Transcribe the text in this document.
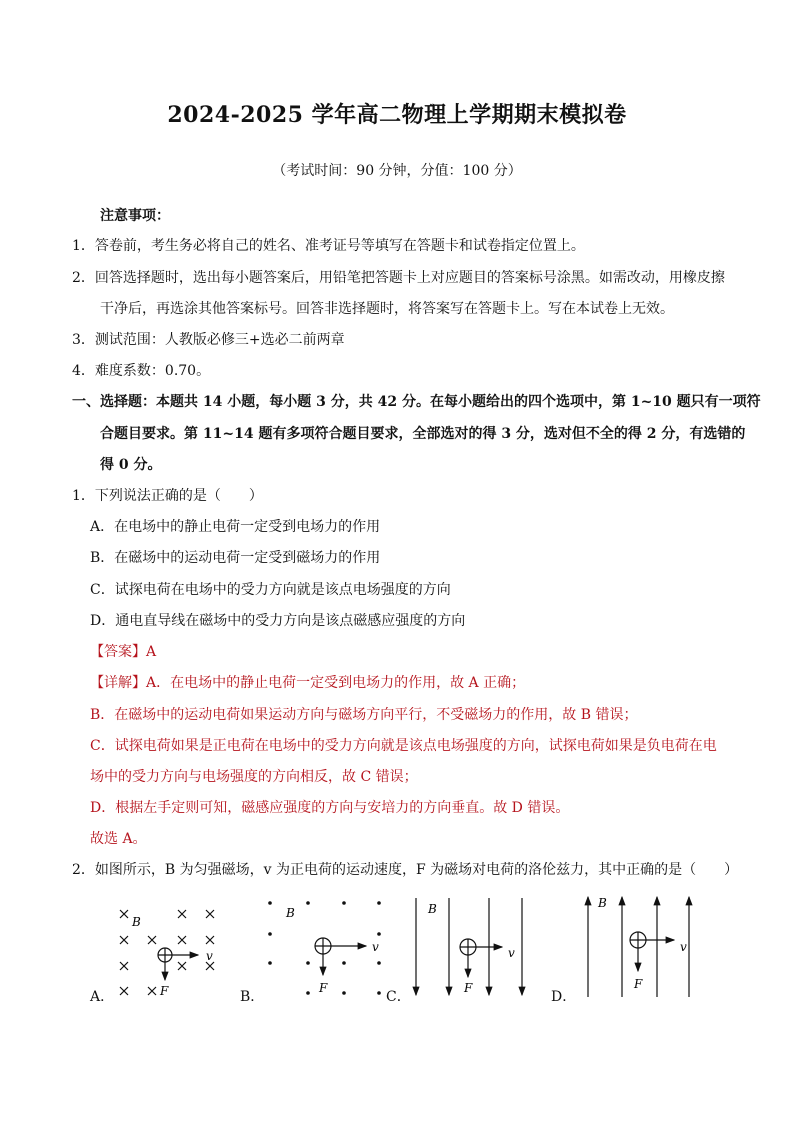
2024-2025 学年高二物理上学期期末模拟卷
（考试时间：90 分钟，分值：100 分）
注意事项：
1．答卷前，考生务必将自己的姓名、准考证号等填写在答题卡和试卷指定位置上。
2．回答选择题时，选出每小题答案后，用铅笔把答题卡上对应题目的答案标号涂黑。如需改动，用橡皮擦
干净后，再选涂其他答案标号。回答非选择题时，将答案写在答题卡上。写在本试卷上无效。
3．测试范围：人教版必修三+选必二前两章
4．难度系数：0.70。
一、选择题：本题共 14 小题，每小题 3 分，共 42 分。在每小题给出的四个选项中，第 1~10 题只有一项符
合题目要求。第 11~14 题有多项符合题目要求，全部选对的得 3 分，选对但不全的得 2 分，有选错的
得 0 分。
1．下列说法正确的是（　　）
A．在电场中的静止电荷一定受到电场力的作用
B．在磁场中的运动电荷一定受到磁场力的作用
C．试探电荷在电场中的受力方向就是该点电场强度的方向
D．通电直导线在磁场中的受力方向是该点磁感应强度的方向
【答案】A
【详解】A．在电场中的静止电荷一定受到电场力的作用，故 A 正确；
B．在磁场中的运动电荷如果运动方向与磁场方向平行，不受磁场力的作用，故 B 错误；
C．试探电荷如果是正电荷在电场中的受力方向就是该点电场强度的方向，试探电荷如果是负电荷在电
场中的受力方向与电场强度的方向相反，故 C 错误；
D．根据左手定则可知，磁感应强度的方向与安培力的方向垂直。故 D 错误。
故选 A。
2．如图所示，B 为匀强磁场，v 为正电荷的运动速度，F 为磁场对电荷的洛伦兹力，其中正确的是（　　）
A．	B．	C．	D．
B
v
F
B
v
F
B
v
F
B
v
F
